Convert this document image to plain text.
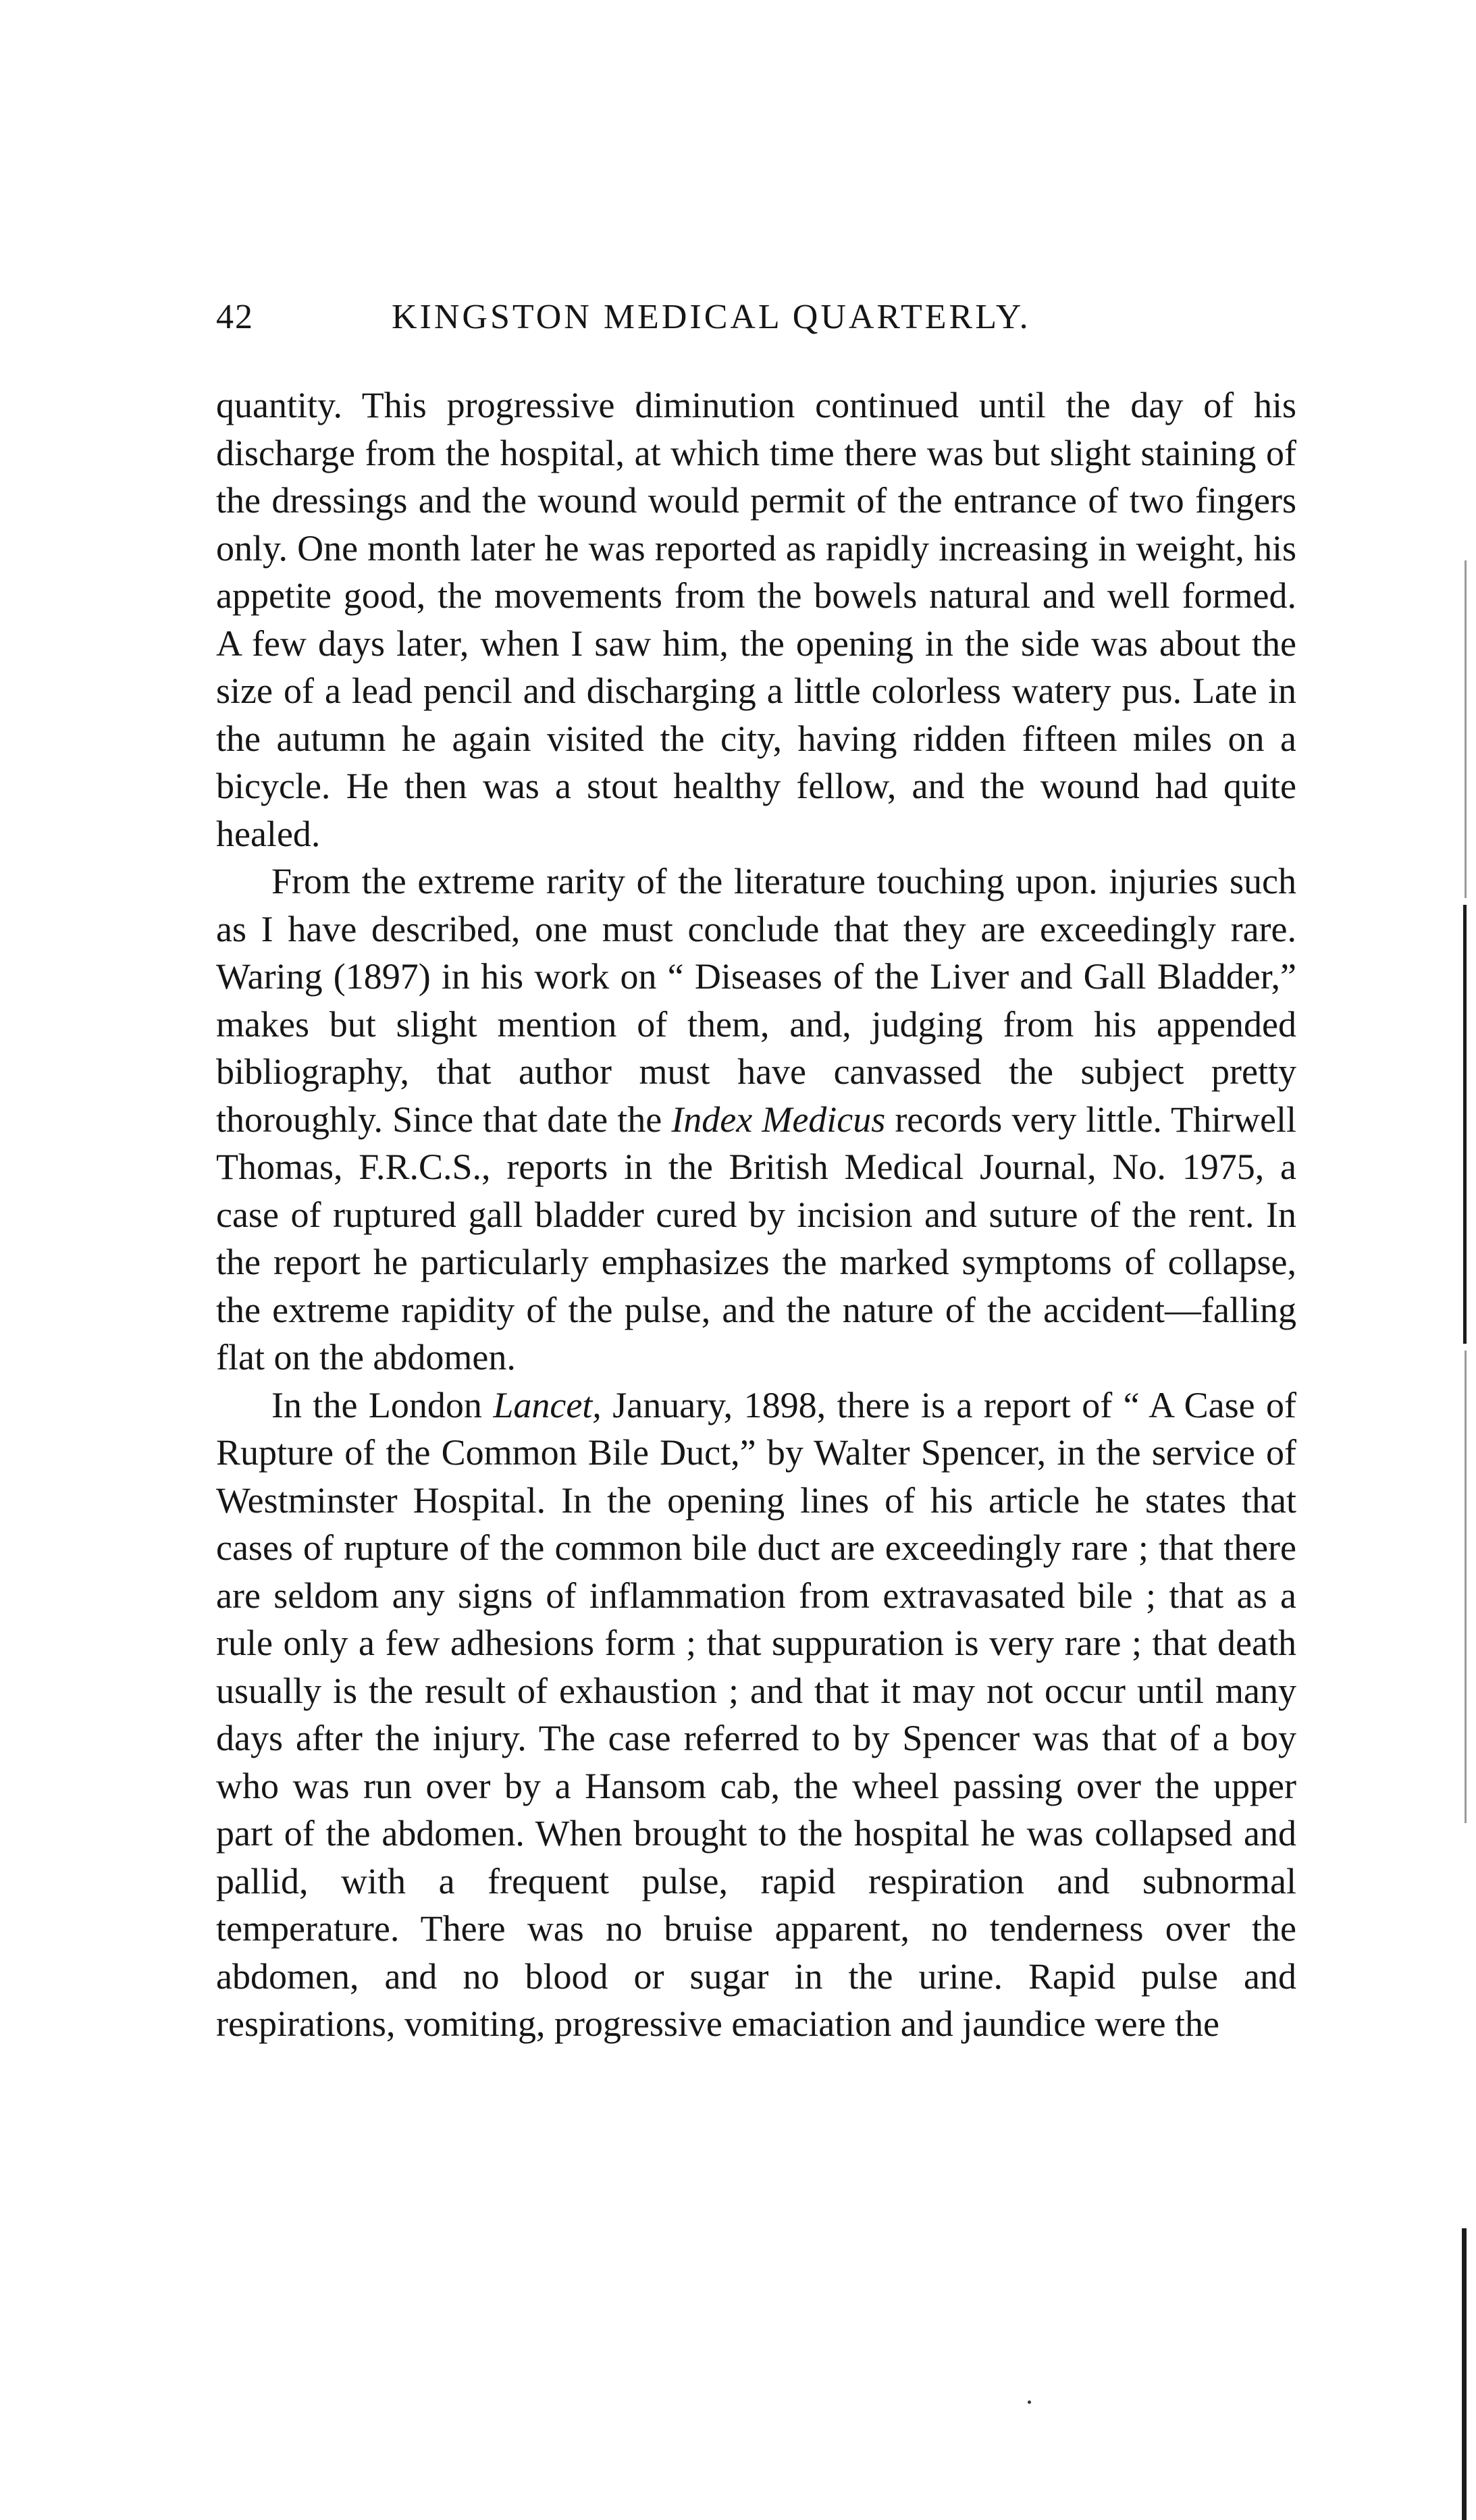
42	KINGSTON MEDICAL QUARTERLY.

quantity. This progressive diminution continued until the day of his discharge from the hospital, at which time there was but slight staining of the dressings and the wound would permit of the entrance of two fingers only. One month later he was reported as rapidly increasing in weight, his appetite good, the movements from the bowels natural and well formed. A few days later, when I saw him, the opening in the side was about the size of a lead pencil and discharging a little colorless watery pus. Late in the autumn he again visited the city, having ridden fifteen miles on a bicycle. He then was a stout healthy fellow, and the wound had quite healed.

From the extreme rarity of the literature touching upon. injuries such as I have described, one must conclude that they are exceedingly rare. Waring (1897) in his work on “ Diseases of the Liver and Gall Bladder,” makes but slight mention of them, and, judging from his appended bibliography, that author must have canvassed the subject pretty thoroughly. Since that date the Index Medicus records very little. Thirwell Thomas, F.R.C.S., reports in the British Medical Journal, No. 1975, a case of ruptured gall bladder cured by incision and suture of the rent. In the report he particularly emphasizes the marked symptoms of collapse, the extreme rapidity of the pulse, and the nature of the accident—falling flat on the abdomen.

In the London Lancet, January, 1898, there is a report of “ A Case of Rupture of the Common Bile Duct,” by Walter Spencer, in the service of Westminster Hospital. In the opening lines of his article he states that cases of rupture of the common bile duct are exceedingly rare ; that there are seldom any signs of inflammation from extravasated bile ; that as a rule only a few adhesions form ; that suppuration is very rare ; that death usually is the result of exhaustion ; and that it may not occur until many days after the injury. The case referred to by Spencer was that of a boy who was run over by a Hansom cab, the wheel passing over the upper part of the abdomen. When brought to the hospital he was collapsed and pallid, with a frequent pulse, rapid respiration and subnormal temperature. There was no bruise apparent, no tenderness over the abdomen, and no blood or sugar in the urine. Rapid pulse and respirations, vomiting, progressive emaciation and jaundice were the
